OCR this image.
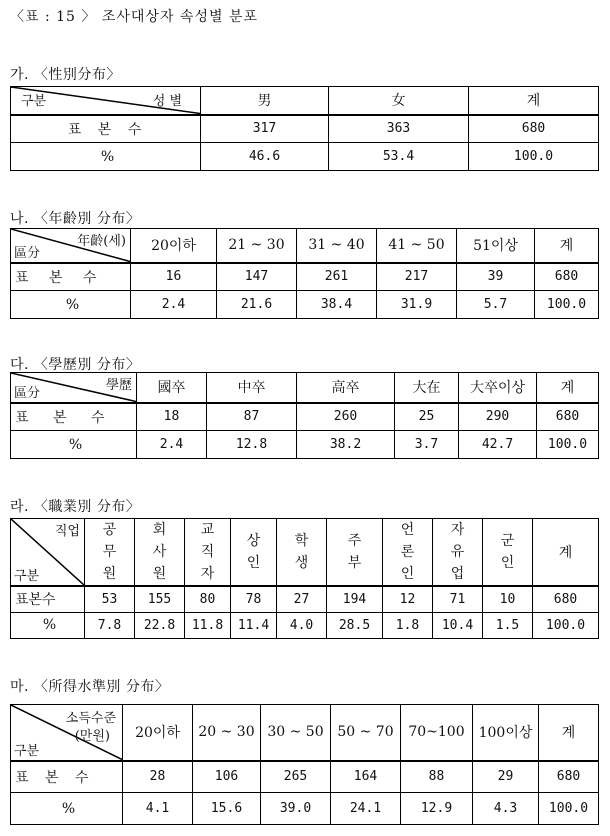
〈표 : 15 〉 조사대상자 속성별 분포
가. 〈性別分布〉
구분 성 별	男	女	계
표 본 수	317	363	680
%	46.6	53.4	100.0
나. 〈年齡別 分布〉
年齡(세)
區分	20이하	21 ~ 30	31 ~ 40	41 ~ 50	51이상	계
표 본 수	16	147	261	217	39	680
%	2.4	21.6	38.4	31.9	5.7	100.0
다. 〈學歷別 分布〉
學歷
區分	國卒	中卒	高卒	大在	大卒이상	계
표 본 수	18	87	260	25	290	680
%	2.4	12.8	38.2	3.7	42.7	100.0
라. 〈職業別 分布〉
직업
구분	공
무
원	회
사
원	교
직
자	상
인	학
생	주
부	언
론
인	자
유
업	군
인	계
표본수	53	155	80	78	27	194	12	71	10	680
%	7.8	22.8	11.8	11.4	4.0	28.5	1.8	10.4	1.5	100.0
마. 〈所得水準別 分布〉
소득수준
(만원)
구분	20이하	20 ~ 30	30 ~ 50	50 ~ 70	70~100	100이상	계
표 본 수	28	106	265	164	88	29	680
%	4.1	15.6	39.0	24.1	12.9	4.3	100.0
